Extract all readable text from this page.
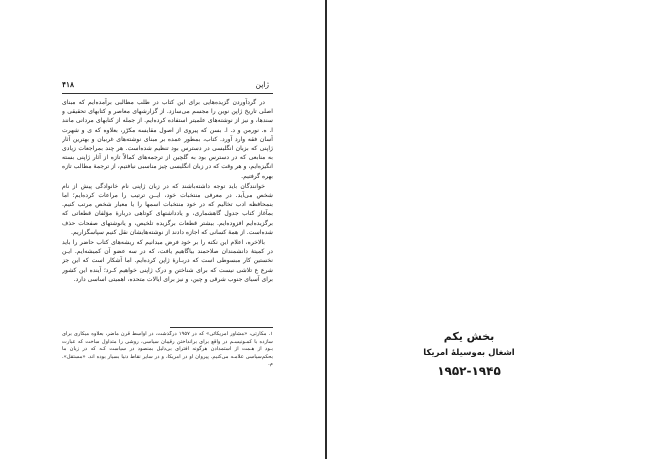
۴۱۸	ژاپن

در گردآوردن گزیده‌هایی برای این کتاب در طلب مطالبی برآمده‌ایم که مبنای اصلی تاریخ ژاپن نوین را مجسم می‌سازد. از گزارشهای معاصر و کتابهای تحقیقی و سندها، و نیز از نوشته‌های علمیتر استفاده کرده‌ایم. از جمله از کتابهای مردانی مانند ا. ه. نورمن و د. ا. بسن که پیروی از اصول مقایسه مکرّر، بعلاوه که ی و شهرت آسان فقه وارد آورد. کتاب، بمطور عمده بر مبنای نوشته‌های غربیان و بهترین آثار ژاپنی که بزبان انگلیسی در دسترس بود تنظیم شده‌است. هر چند بمراجعات زیادی به منابعی که در دسترس بود به گلچین از ترجمه‌های کمالاً تازه از آثار ژاپنی بسته انگیزه‌ایم، و هر وقت که در زبان انگلیسی چیز مناسبی نیافتیم، از ترجمهٔ مطالب تازه بهره گرفتیم.

خوانندگان باید توجه داشته‌باشند که در زبان ژاپنی نام خانوادگی پیش از نام شخص می‌آید. در معرفی منتخبات خود، ایــن ترتیب را مراعات کرده‌ایم؛ اما بنمحافظه ادب تخالیم که در خود منتخبات اسمها را یا معیار شخص مرتب کنیم. بمآغاز کتاب جدول گاهشماری، و یادداشتهای کوتاهی دربارهٔ مؤلفان قطعاتی که برگزیده‌ایم افزوده‌ایم. بیشتر قطعات برگزیده تلخیص، و یانوشتهای صفحات حذف شده‌است. از همهٔ کسانی که اجازه دادند از نوشته‌هایشان نقل کنیم سپاسگزاریم.

بالاخره، اعلام این نکته را بر خود فرض میدانیم که ریشه‌های کتاب حاضر را باید در کمیتهٔ دانشمندان صلاحمند بیاگاهیم یافت، که در سه عضو آن کمیشه‌ایم. ایـن نخستین کار مبسوطی است که دربـارهٔ ژاپن کرده‌ایم. اما آشکار است که این جز شرع ع تلاشی نیست که برای شناختن و درک ژاپنی خواهیم کـرد؛ آینده این کشور برای آسیای جنوب شرقی و چین، و نیز برای ایالات متحده، اهمیتی اساسی دارد.

۱. مکارتی، «مشاور امریکائی» که در ۱۹۵۷ درگذشت، در اواسط قرن ماضر، بعلاوه میکاری برای سازده با کمـونیسـم در واقع برای برانداختن رقیبان سیاسی، روشی را متداول ساخت که عبارت بـود از هـمت از استمدادن هرگونه افترای بی‌دلیل بمنصود در سیاست کـه که در زبان ما بحکم‌سیاسی علامـه می‌کنیم. پیروان او در امریکا، و در سایر نقاط دنیا بسیار بوده اند. «مستقل». م.
بخش یکم
اشغال به‌وسیلهٔ امریکا
۱۹۵۲-۱۹۴۵
